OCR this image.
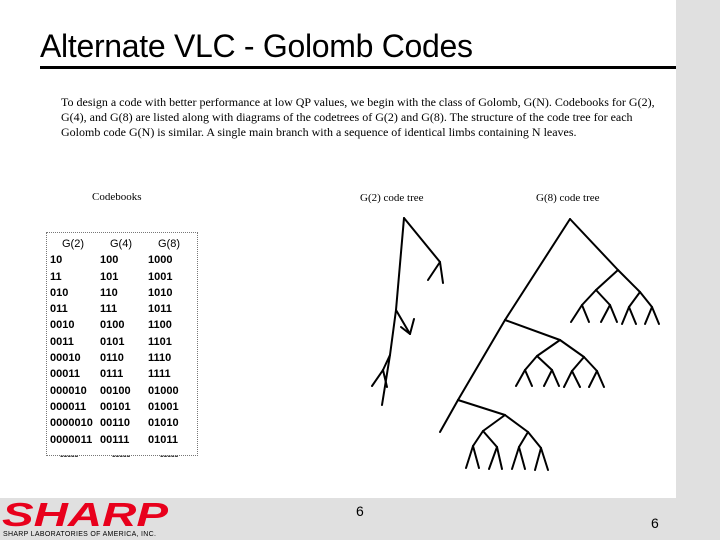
Alternate VLC - Golomb Codes
To design a code with better performance at low QP values, we begin with the class of Golomb, G(N). Codebooks for G(2), G(4), and G(8) are listed along with diagrams of the codetrees of G(2) and G(8). The structure of the code tree for each Golomb code G(N) is similar. A single main branch with a sequence of identical limbs containing N leaves.
Codebooks	G(2) code tree	G(8) code tree
G(2)
10
11
010
011
0010
0011
00010
00011
000010
000011
0000010
0000011
-----
G(4)
100
101
110
111
0100
0101
0110
0111
00100
00101
00110
00111
-----
G(8)
1000
1001
1010
1011
1100
1101
1110
1111
01000
01001
01010
01011
-----
6
6
SHARP
SHARP LABORATORIES OF AMERICA, INC.
